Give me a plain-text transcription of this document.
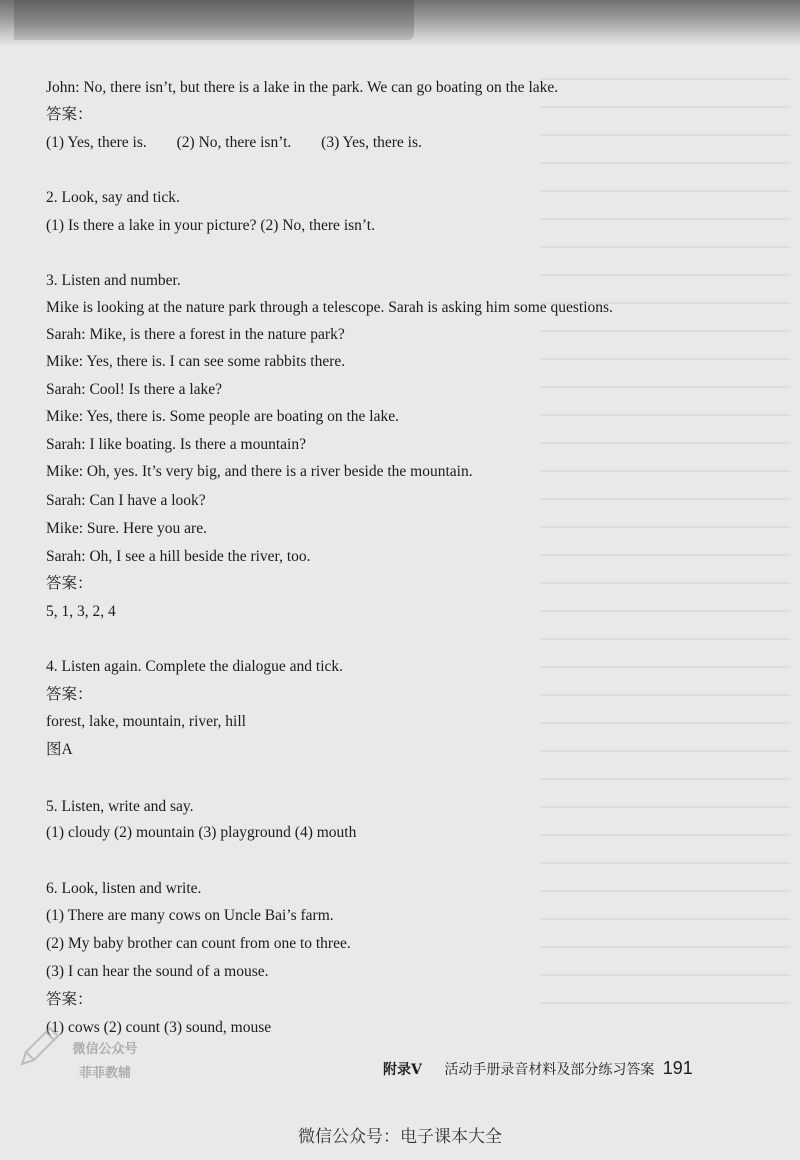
John: No, there isn’t, but there is a lake in the park. We can go boating on the lake.
答案：
(1) Yes, there is. (2) No, there isn’t. (3) Yes, there is.
2. Look, say and tick.
(1) Is there a lake in your picture? (2) No, there isn’t.
3. Listen and number.
Mike is looking at the nature park through a telescope. Sarah is asking him some questions.
Sarah: Mike, is there a forest in the nature park?
Mike: Yes, there is. I can see some rabbits there.
Sarah: Cool! Is there a lake?
Mike: Yes, there is. Some people are boating on the lake.
Sarah: I like boating. Is there a mountain?
Mike: Oh, yes. It’s very big, and there is a river beside the mountain.
Sarah: Can I have a look?
Mike: Sure. Here you are.
Sarah: Oh, I see a hill beside the river, too.
答案：
5, 1, 3, 2, 4
4. Listen again. Complete the dialogue and tick.
答案：
forest, lake, mountain, river, hill
图A
5. Listen, write and say.
(1) cloudy (2) mountain (3) playground (4) mouth
6. Look, listen and write.
(1) There are many cows on Uncle Bai’s farm.
(2) My baby brother can count from one to three.
(3) I can hear the sound of a mouse.
答案：
(1) cows (2) count (3) sound, mouse
微信公众号
菲菲教辅	附录V 活动手册录音材料及部分练习答案 191
微信公众号：电子课本大全
